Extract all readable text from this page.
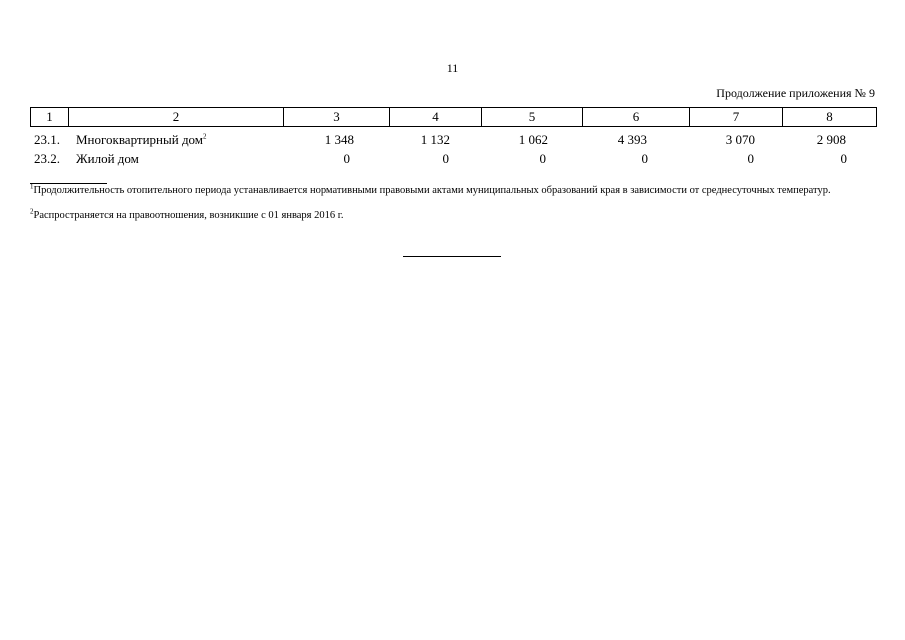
11
Продолжение приложения № 9
1	2	3	4	5	6	7	8
23.1. Многоквартирный дом$^2$	1 348	1 132	1 062	4 393	3 070	2 908
23.2. Жилой дом	0	0	0	0	0	0
$^1$Продолжительность отопительного периода устанавливается нормативными правовыми актами муниципальных образований края в зависимости от среднесуточных температур.
$^2$Распространяется на правоотношения, возникшие с 01 января 2016 г.
